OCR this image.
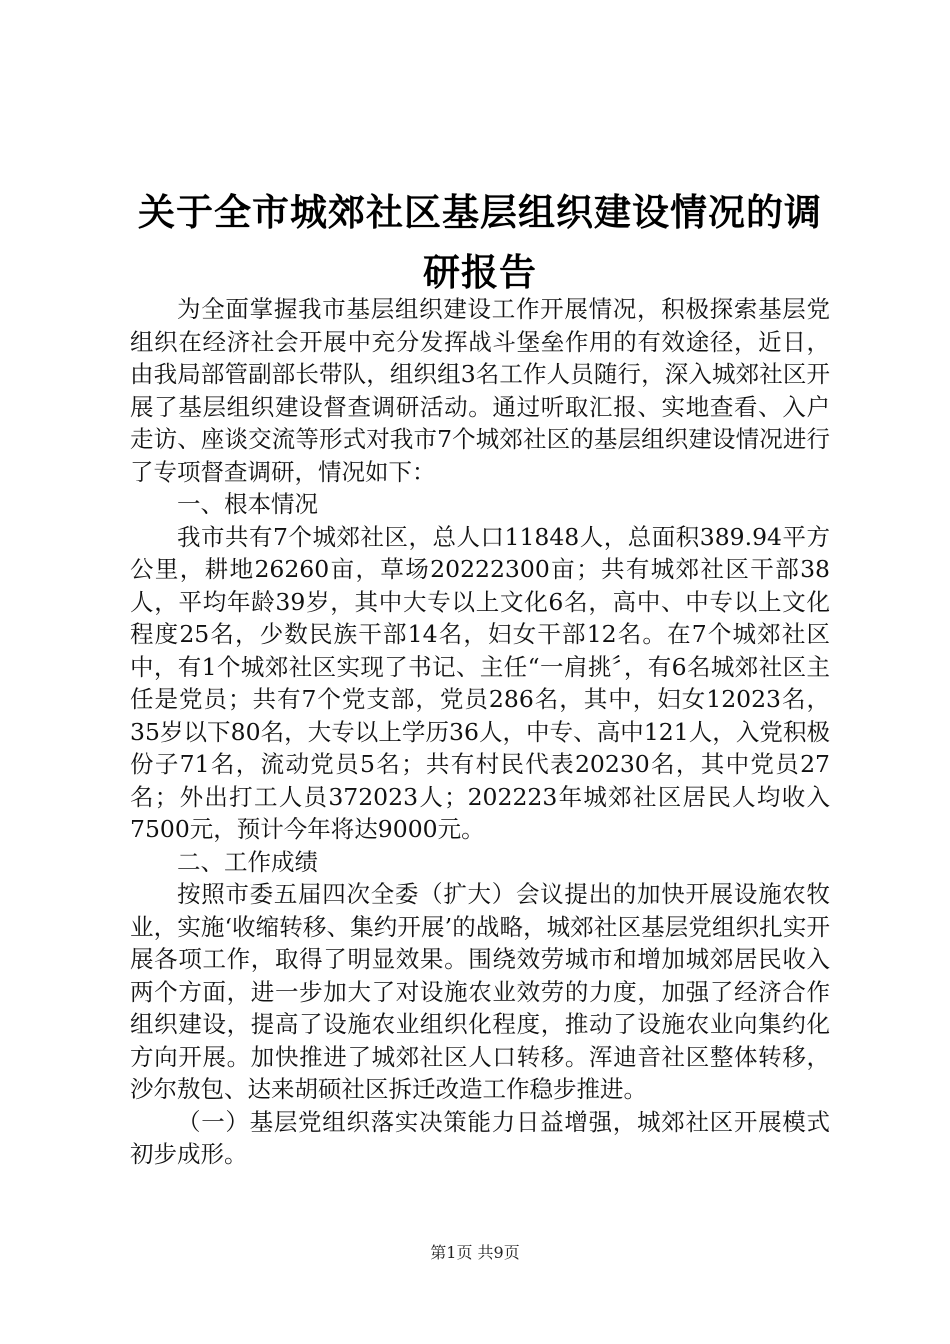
关于全市城郊社区基层组织建设情况的调研报告

为全面掌握我市基层组织建设工作开展情况，积极探索基层党组织在经济社会开展中充分发挥战斗堡垒作用的有效途径，近日，由我局部管副部长带队，组织组3名工作人员随行，深入城郊社区开展了基层组织建设督查调研活动。通过听取汇报、实地查看、入户走访、座谈交流等形式对我市7个城郊社区的基层组织建设情况进行了专项督查调研，情况如下：

一、根本情况

我市共有7个城郊社区，总人口11848人，总面积389.94平方公里，耕地26260亩，草场20222300亩；共有城郊社区干部38人，平均年龄39岁，其中大专以上文化6名，高中、中专以上文化程度25名，少数民族干部14名，妇女干部12名。在7个城郊社区中，有1个城郊社区实现了书记、主任“一肩挑〞，有6名城郊社区主任是党员；共有7个党支部，党员286名，其中，妇女12023名，35岁以下80名，大专以上学历36人，中专、高中121人，入党积极份子71名，流动党员5名；共有村民代表20230名，其中党员27名；外出打工人员372023人；202223年城郊社区居民人均收入7500元，预计今年将达9000元。

二、工作成绩

按照市委五届四次全委（扩大）会议提出的加快开展设施农牧业，实施‘收缩转移、集约开展’的战略，城郊社区基层党组织扎实开展各项工作，取得了明显效果。围绕效劳城市和增加城郊居民收入两个方面，进一步加大了对设施农业效劳的力度，加强了经济合作组织建设，提高了设施农业组织化程度，推动了设施农业向集约化方向开展。加快推进了城郊社区人口转移。浑迪音社区整体转移，沙尔敖包、达来胡硕社区拆迁改造工作稳步推进。

（一）基层党组织落实决策能力日益增强，城郊社区开展模式初步成形。

第1页 共9页
